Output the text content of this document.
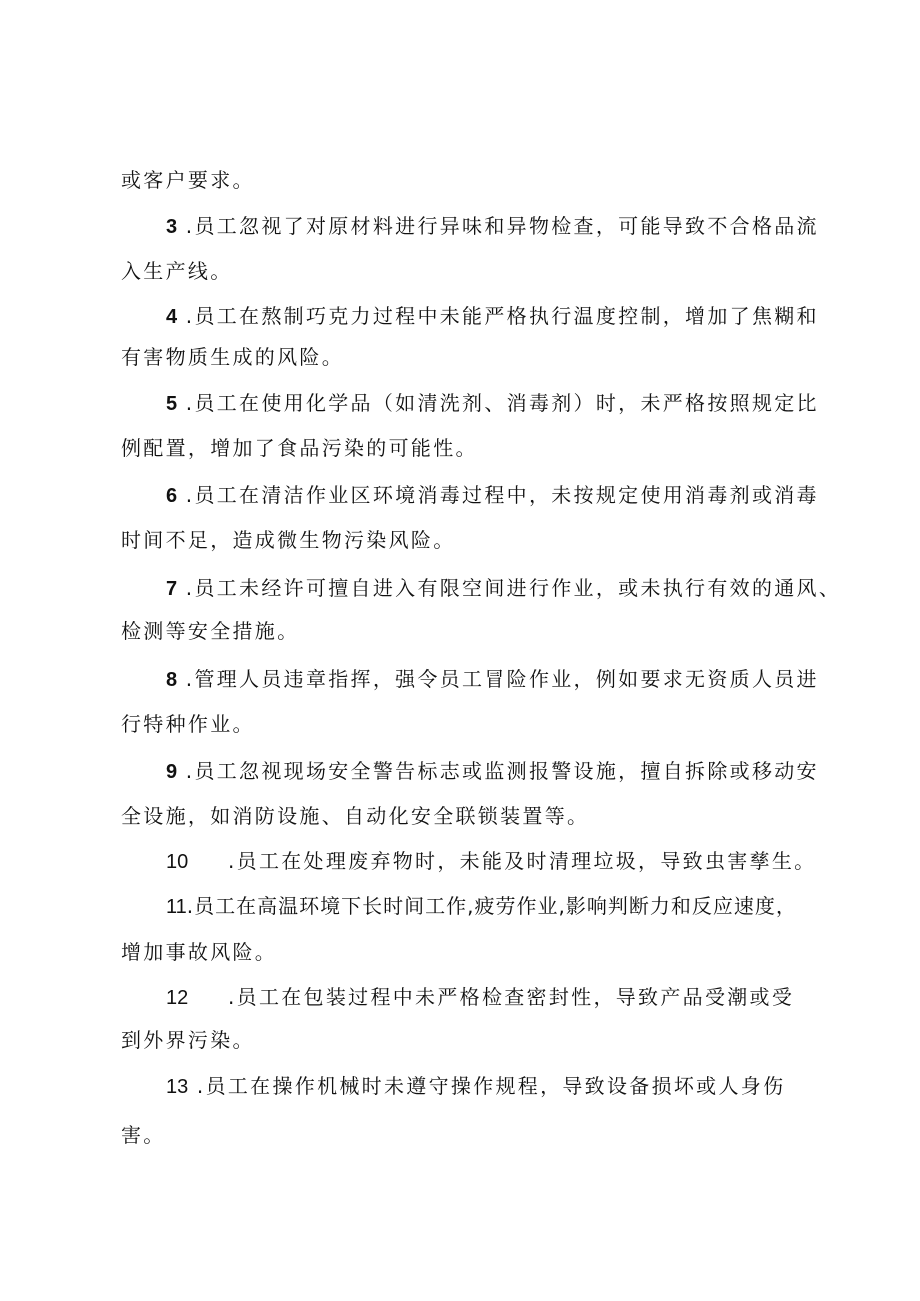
或客户要求。
3 .员工忽视了对原材料进行异味和异物检查，可能导致不合格品流
入生产线。
4 .员工在熬制巧克力过程中未能严格执行温度控制，增加了焦糊和
有害物质生成的风险。
5 .员工在使用化学品（如清洗剂、消毒剂）时，未严格按照规定比
例配置，增加了食品污染的可能性。
6 .员工在清洁作业区环境消毒过程中，未按规定使用消毒剂或消毒
时间不足，造成微生物污染风险。
7 .员工未经许可擅自进入有限空间进行作业，或未执行有效的通风、
检测等安全措施。
8 .管理人员违章指挥，强令员工冒险作业，例如要求无资质人员进
行特种作业。
9 .员工忽视现场安全警告标志或监测报警设施，擅自拆除或移动安
全设施，如消防设施、自动化安全联锁装置等。
10 .员工在处理废弃物时，未能及时清理垃圾，导致虫害孳生。
11.员工在高温环境下长时间工作,疲劳作业,影响判断力和反应速度，
增加事故风险。
12 .员工在包装过程中未严格检查密封性，导致产品受潮或受
到外界污染。
13 .员工在操作机械时未遵守操作规程，导致设备损坏或人身伤
害。
